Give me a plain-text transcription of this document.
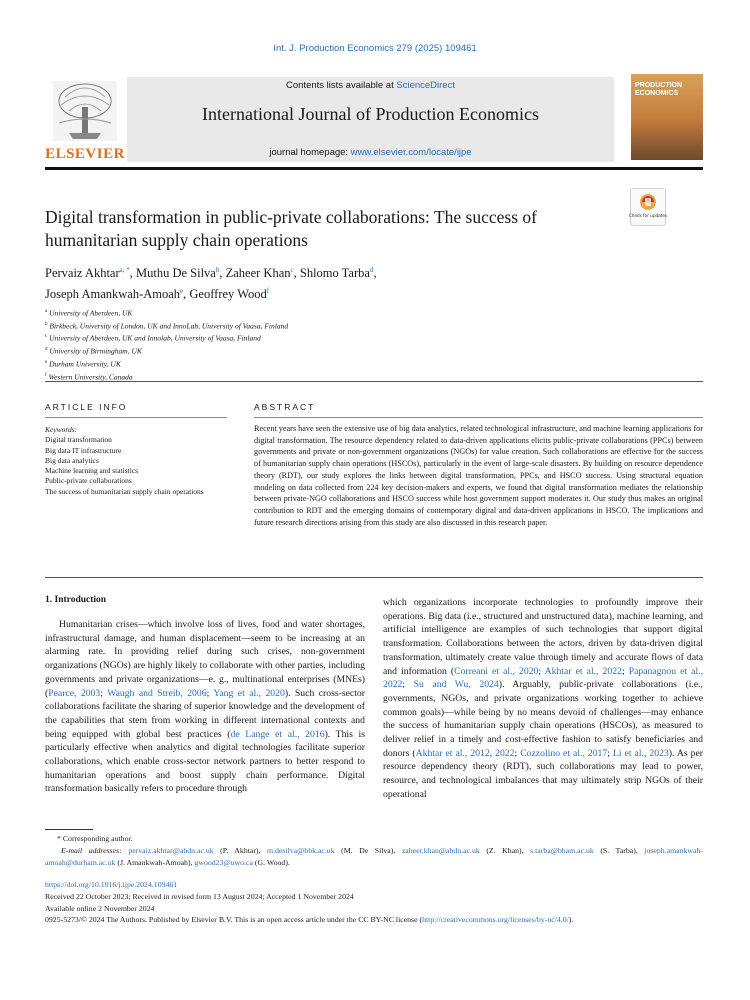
Int. J. Production Economics 279 (2025) 109461
ELSEVIER
Contents lists available at ScienceDirect
International Journal of Production Economics
journal homepage: www.elsevier.com/locate/ijpe
PRODUCTION ECONOMICS
Check for updates
Digital transformation in public-private collaborations: The success of
humanitarian supply chain operations
Pervaiz Akhtar$^{a, *}$, Muthu De Silva$^b$, Zaheer Khan$^c$, Shlomo Tarba$^d$,
Joseph Amankwah-Amoah$^e$, Geoffrey Wood$^f$
$^a$ University of Aberdeen, UK
$^b$ Birkbeck, University of London, UK and InnoLab, University of Vaasa, Finland
$^c$ University of Aberdeen, UK and Innolab, University of Vaasa, Finland
$^d$ University of Birmingham, UK
$^e$ Durham University, UK
$^f$ Western University, Canada
ARTICLE INFO	ABSTRACT
Keywords:
Digital transformation
Big data IT infrastructure
Big data analytics
Machine learning and statistics
Public-private collaborations
The success of humanitarian supply chain operations
Recent years have seen the extensive use of big data analytics, related technological infrastructure, and machine learning applications for digital transformation. The resource dependency related to data-driven applications elicits public-private collaborations (PPCs) between governments and private or non-government organizations (NGOs) for value creation. Such collaborations are effective for the success of humanitarian supply chain operations (HSCOs), particularly in the event of large-scale disasters. By building on resource dependence theory (RDT), our study explores the links between digital transformation, PPCs, and HSCO success. Using structural equation modeling on data collected from 224 key decision-makers and experts, we found that digital transformation mediates the relationship between private-NGO collaborations and HSCO success while host government support moderates it. Our study thus makes an original contribution to RDT and the emerging domains of contemporary digital and data-driven applications in HSCO. The implications and future research directions arising from this study are also discussed in this research paper.
1. Introduction
Humanitarian crises—which involve loss of lives, food and water shortages, infrastructural damage, and human displacement—seem to be increasing at an alarming rate. In providing relief during such crises, non-government organizations (NGOs) are highly likely to collaborate with other parties, including governments and private organizations—e. g., multinational enterprises (MNEs) (Pearce, 2003; Waugh and Streib, 2006; Yang et al., 2020). Such cross-sector collaborations facilitate the sharing of superior knowledge and the development of the capabilities that stem from working in different international contexts and being equipped with global best practices (de Lange et al., 2016). This is particularly effective when analytics and digital technologies facilitate superior collaborations, which enable cross-sector network partners to better respond to humanitarian operations and boost supply chain performance. Digital transformation basically refers to procedure through
which organizations incorporate technologies to profoundly improve their operations. Big data (i.e., structured and unstructured data), machine learning, and artificial intelligence are examples of such technologies that support digital transformation. Collaborations between the actors, driven by data-driven digital transformation, ultimately create value through timely and accurate flows of data and information (Correani et al., 2020; Akhtar et al., 2022; Papanagnou et al., 2022; Su and Wu, 2024). Arguably, public-private collaborations (i.e., governments, NGOs, and private organizations working together to achieve common goals)—while being by no means devoid of challenges—may enhance the success of humanitarian supply chain operations (HSCOs), as measured to deliver relief in a timely and cost-effective fashion to satisfy beneficiaries and donors (Akhtar et al., 2012, 2022; Cozzolino et al., 2017; Li et al., 2023). As per resource dependency theory (RDT), such collaborations may lead to power, resource, and technological imbalances that may ultimately strip NGOs of their operational
* Corresponding author.
E-mail addresses: pervaiz.akhtar@abdn.ac.uk (P. Akhtar), m.desilva@bbk.ac.uk (M. De Silva), zaheer.khan@abdn.ac.uk (Z. Khan), s.tarba@bham.ac.uk (S. Tarba), joseph.amankwah-amoah@durham.ac.uk (J. Amankwah-Amoah), gwood23@uwo.ca (G. Wood).
https://doi.org/10.1016/j.ijpe.2024.109461
Received 22 October 2023; Received in revised form 13 August 2024; Accepted 1 November 2024
Available online 2 November 2024
0925-5273/© 2024 The Authors. Published by Elsevier B.V. This is an open access article under the CC BY-NC license (http://creativecommons.org/licenses/by-nc/4.0/).
